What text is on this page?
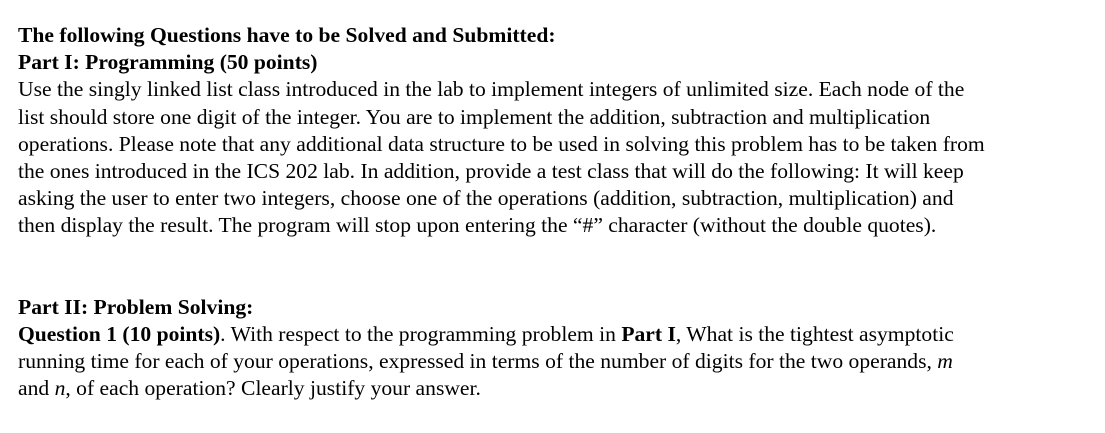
The following Questions have to be Solved and Submitted:
Part I: Programming (50 points)
Use the singly linked list class introduced in the lab to implement integers of unlimited size. Each node of the
list should store one digit of the integer. You are to implement the addition, subtraction and multiplication
operations. Please note that any additional data structure to be used in solving this problem has to be taken from
the ones introduced in the ICS 202 lab. In addition, provide a test class that will do the following: It will keep
asking the user to enter two integers, choose one of the operations (addition, subtraction, multiplication) and
then display the result. The program will stop upon entering the “#” character (without the double quotes).
Part II: Problem Solving:
Question 1 (10 points). With respect to the programming problem in Part I, What is the tightest asymptotic
running time for each of your operations, expressed in terms of the number of digits for the two operands, m
and n, of each operation? Clearly justify your answer.
